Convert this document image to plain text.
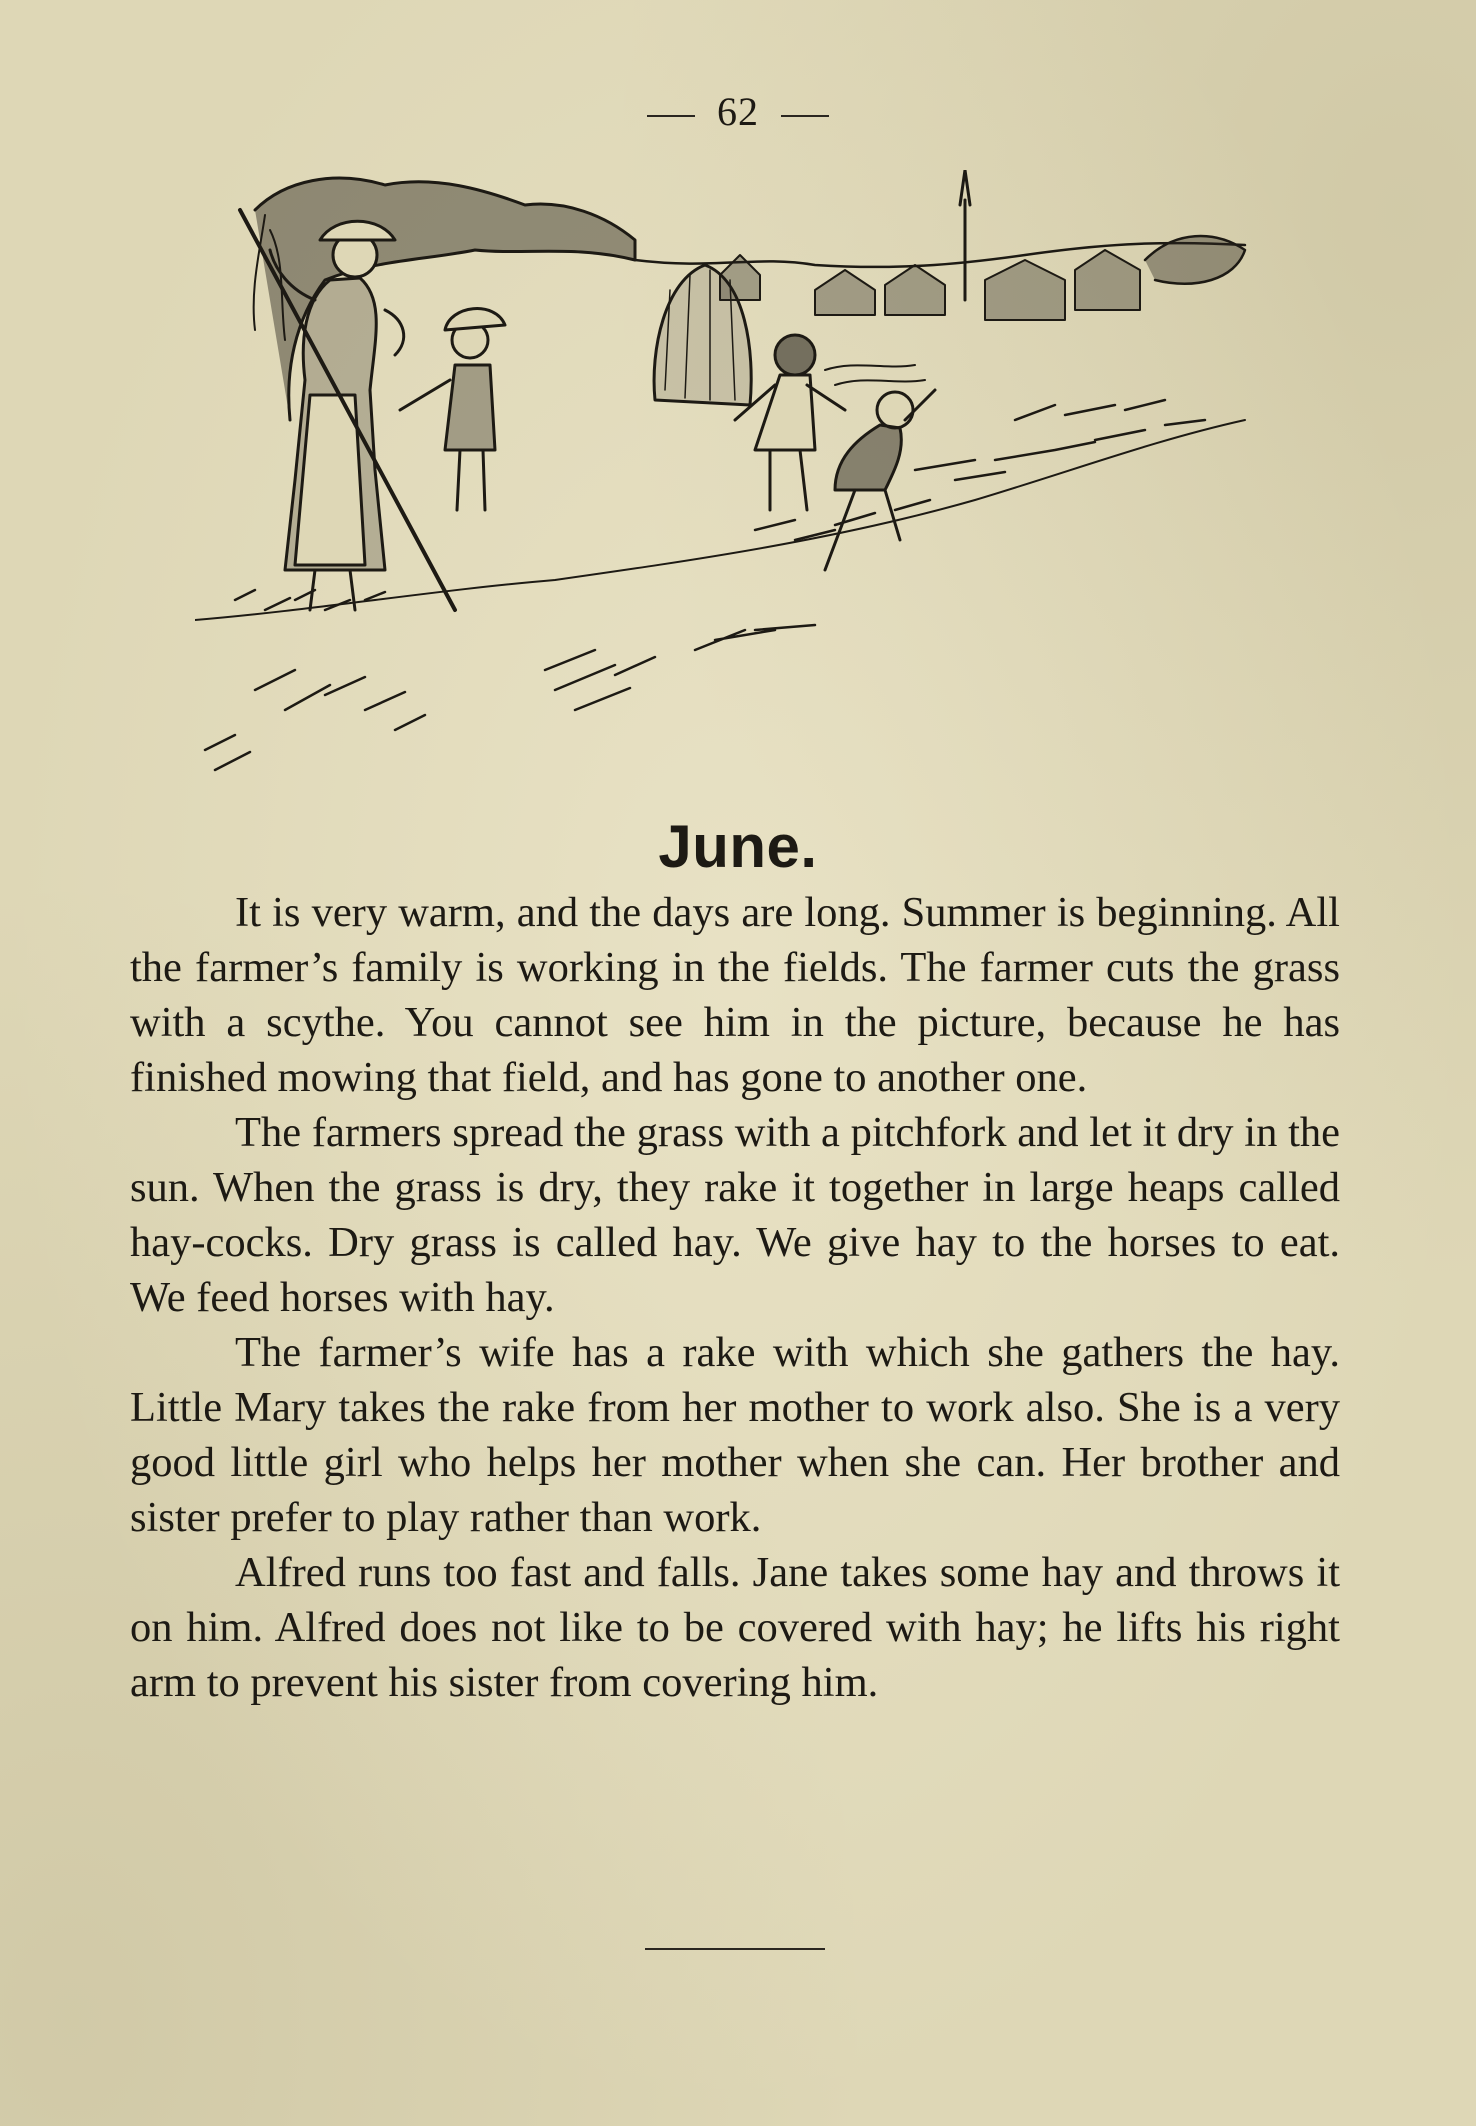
62
June.

It is very warm, and the days are long. Summer is beginning. All the farmer’s family is working in the fields. The farmer cuts the grass with a scythe. You cannot see him in the picture, because he has finished mowing that field, and has gone to another one.

The farmers spread the grass with a pitchfork and let it dry in the sun. When the grass is dry, they rake it together in large heaps called hay-cocks. Dry grass is called hay. We give hay to the horses to eat. We feed horses with hay.

The farmer’s wife has a rake with which she gathers the hay. Little Mary takes the rake from her mother to work also. She is a very good little girl who helps her mother when she can. Her brother and sister prefer to play rather than work.

Alfred runs too fast and falls. Jane takes some hay and throws it on him. Alfred does not like to be covered with hay; he lifts his right arm to prevent his sister from covering him.
